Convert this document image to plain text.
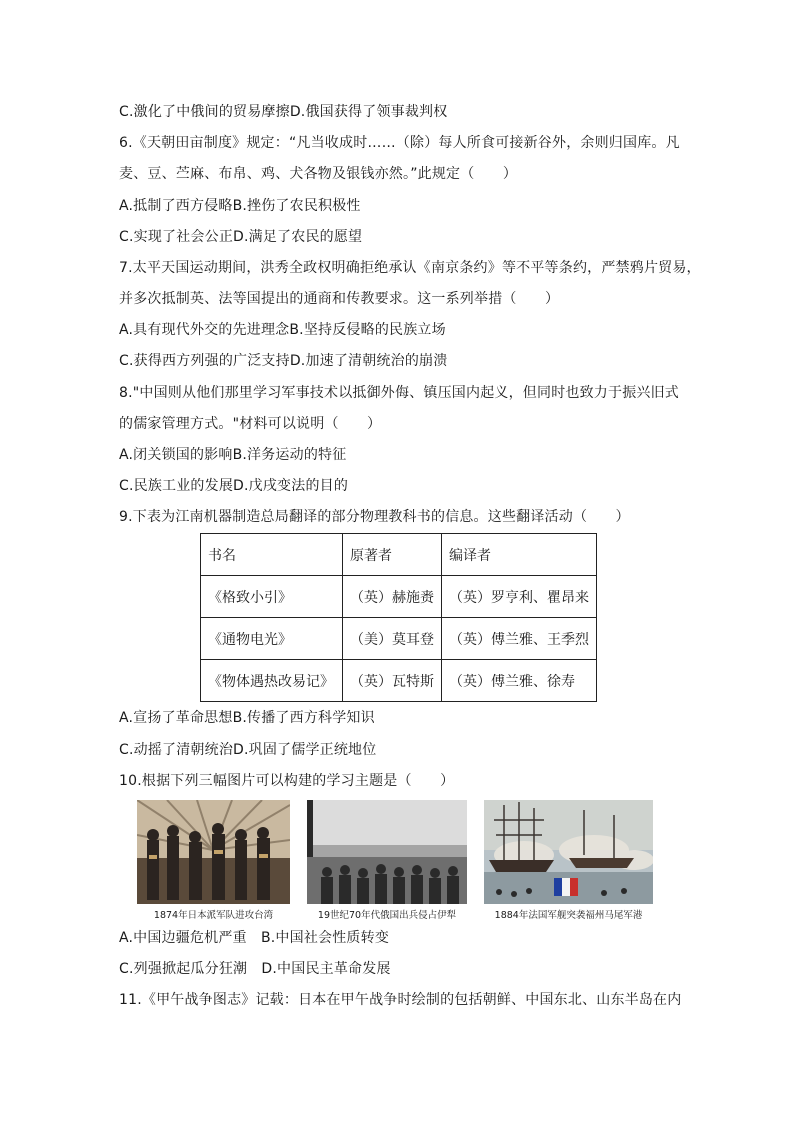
C.激化了中俄间的贸易摩擦D.俄国获得了领事裁判权
6.《天朝田亩制度》规定：“凡当收成时……（除）每人所食可接新谷外，余则归国库。凡
麦、豆、苎麻、布帛、鸡、犬各物及银钱亦然。”此规定（　　）
A.抵制了西方侵略B.挫伤了农民积极性
C.实现了社会公正D.满足了农民的愿望
7.太平天国运动期间，洪秀全政权明确拒绝承认《南京条约》等不平等条约，严禁鸦片贸易，
并多次抵制英、法等国提出的通商和传教要求。这一系列举措（　　）
A.具有现代外交的先进理念B.坚持反侵略的民族立场
C.获得西方列强的广泛支持D.加速了清朝统治的崩溃
8."中国则从他们那里学习军事技术以抵御外侮、镇压国内起义，但同时也致力于振兴旧式
的儒家管理方式。"材料可以说明（　　）
A.闭关锁国的影响B.洋务运动的特征
C.民族工业的发展D.戊戌变法的目的
9.下表为江南机器制造总局翻译的部分物理教科书的信息。这些翻译活动（　　）
书名	原著者	编译者
《格致小引》	（英）赫施赉	（英）罗亨利、瞿昂来
《通物电光》	（美）莫耳登	（英）傅兰雅、王季烈
《物体遇热改易记》	（英）瓦特斯	（英）傅兰雅、徐寿
A.宣扬了革命思想B.传播了西方科学知识
C.动摇了清朝统治D.巩固了儒学正统地位
10.根据下列三幅图片可以构建的学习主题是（　　）
1874年日本派军队进攻台湾	19世纪70年代俄国出兵侵占伊犁	1884年法国军舰突袭福州马尾军港
A.中国边疆危机严重　B.中国社会性质转变
C.列强掀起瓜分狂潮　D.中国民主革命发展
11.《甲午战争图志》记载：日本在甲午战争时绘制的包括朝鲜、中国东北、山东半岛在内
